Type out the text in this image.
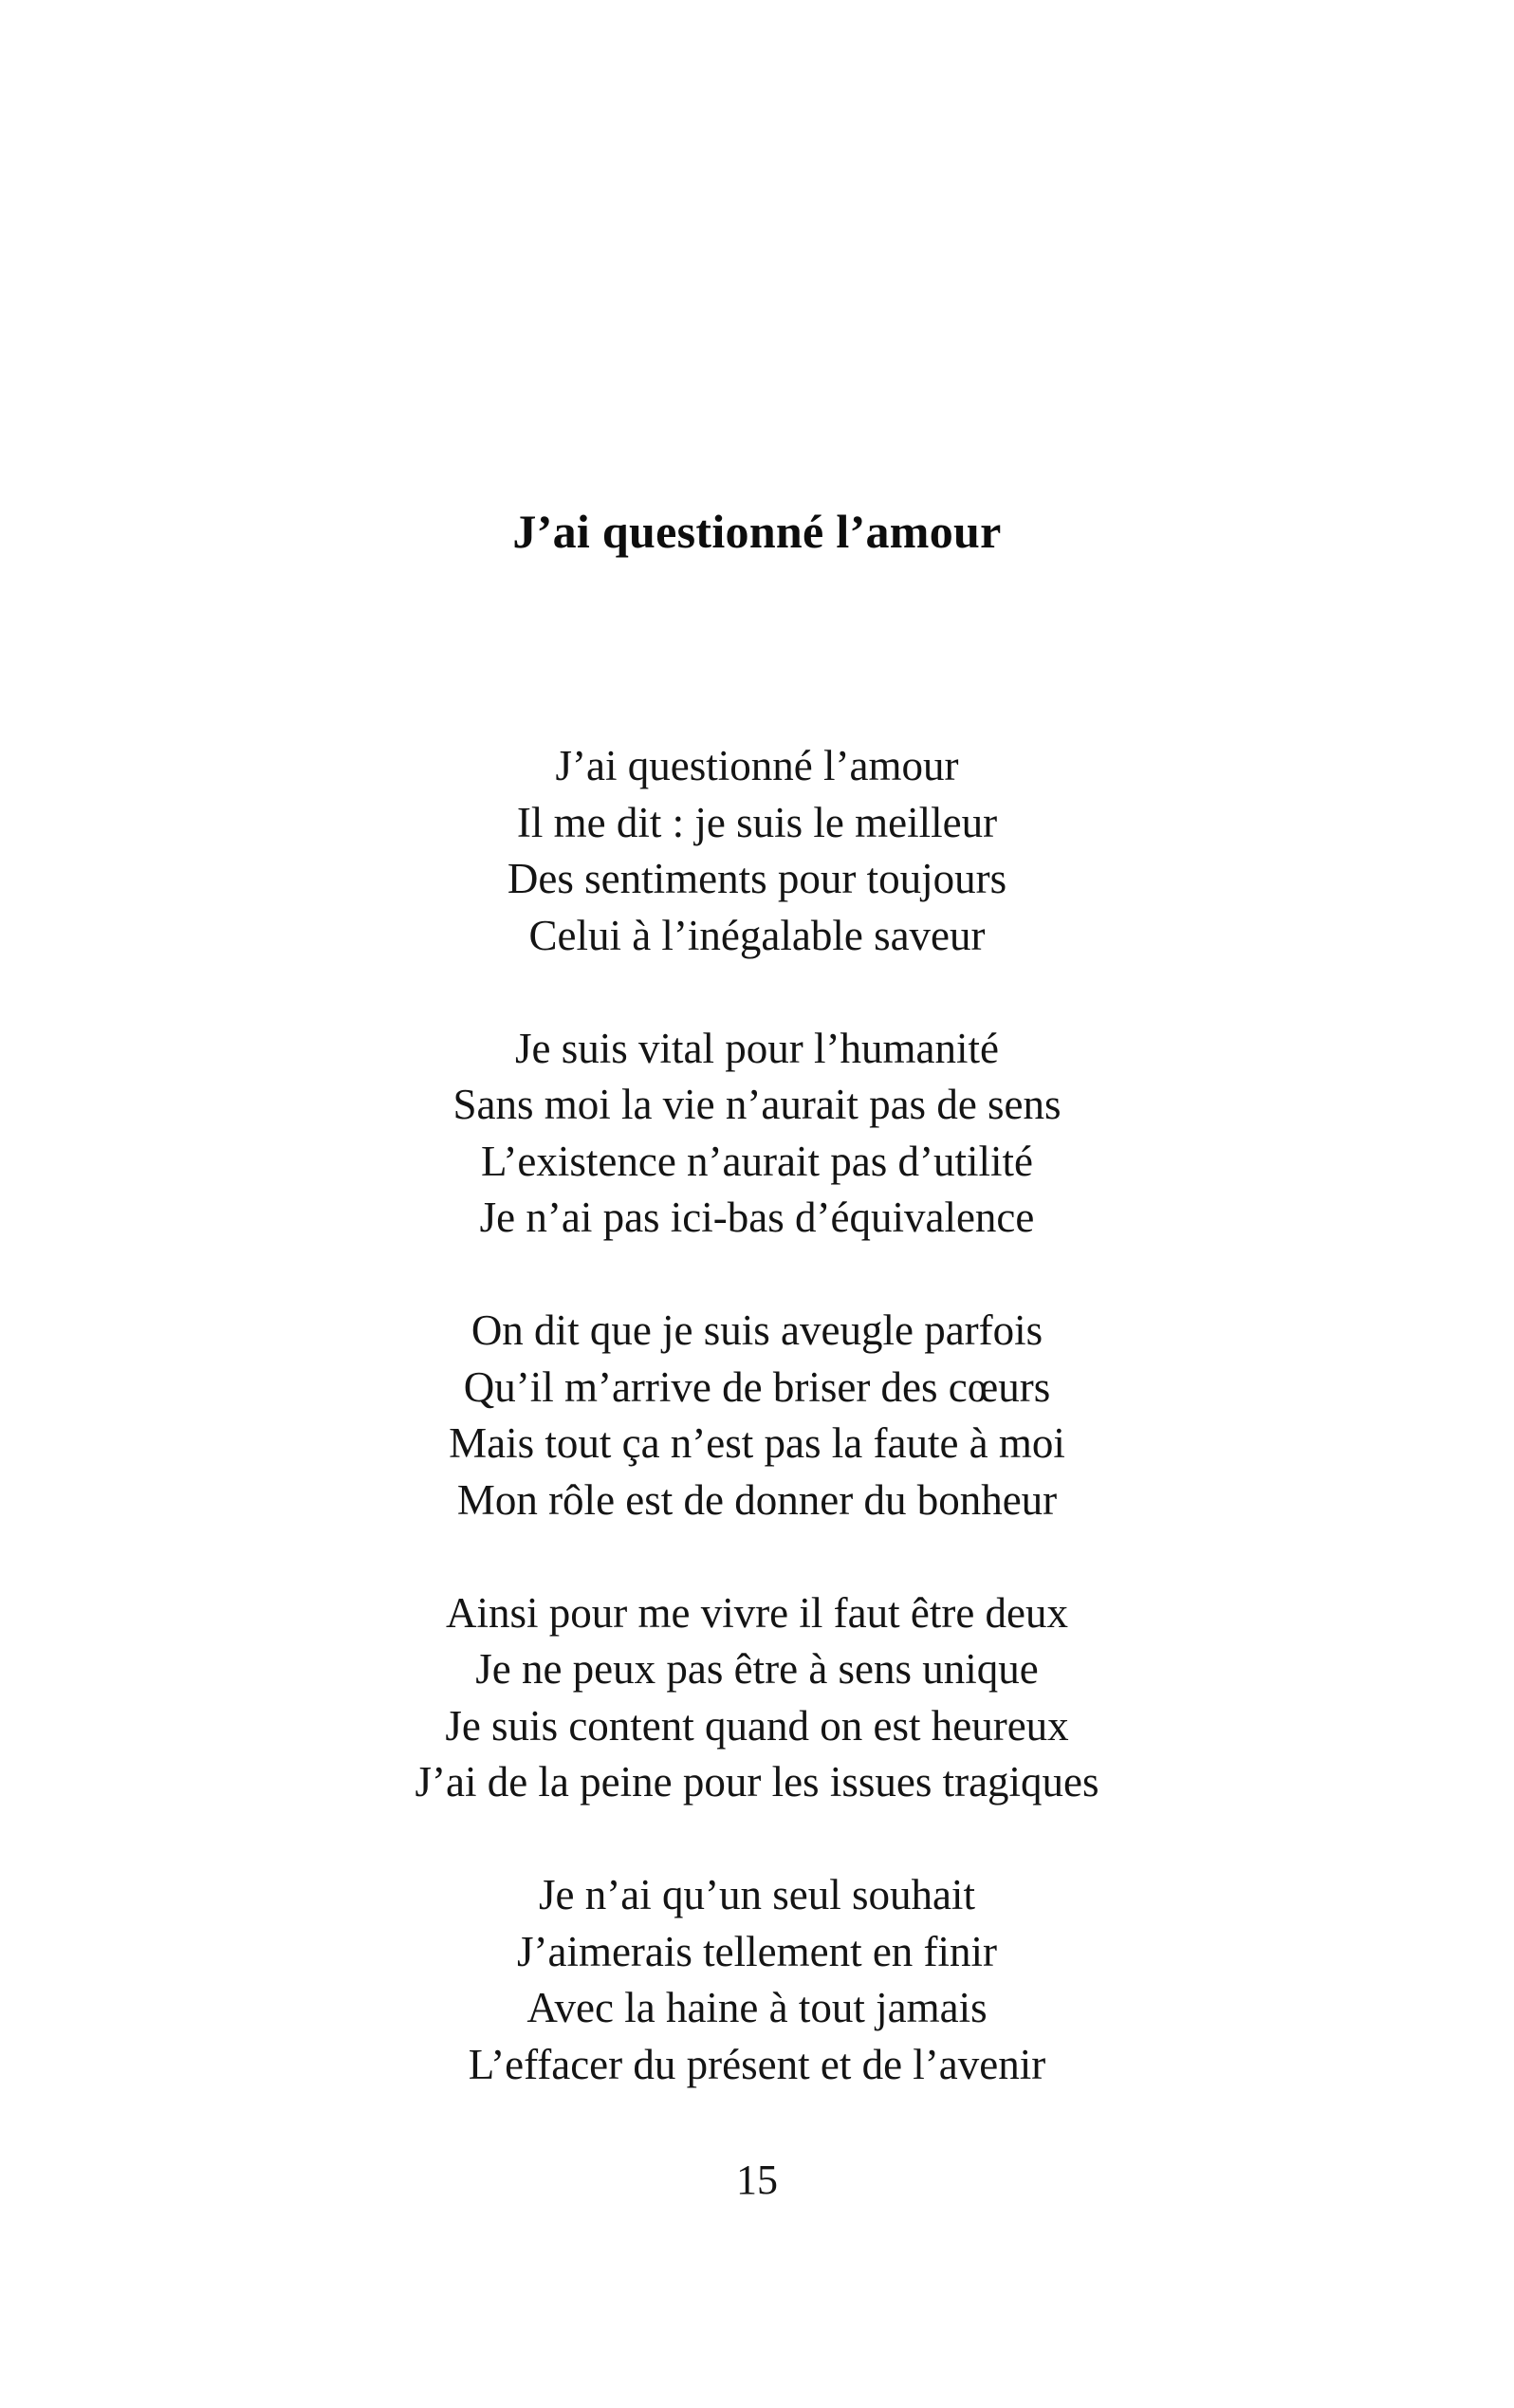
J’ai questionné l’amour
J’ai questionné l’amour
Il me dit : je suis le meilleur
Des sentiments pour toujours
Celui à l’inégalable saveur
Je suis vital pour l’humanité
Sans moi la vie n’aurait pas de sens
L’existence n’aurait pas d’utilité
Je n’ai pas ici-bas d’équivalence
On dit que je suis aveugle parfois
Qu’il m’arrive de briser des cœurs
Mais tout ça n’est pas la faute à moi
Mon rôle est de donner du bonheur
Ainsi pour me vivre il faut être deux
Je ne peux pas être à sens unique
Je suis content quand on est heureux
J’ai de la peine pour les issues tragiques
Je n’ai qu’un seul souhait
J’aimerais tellement en finir
Avec la haine à tout jamais
L’effacer du présent et de l’avenir
15
